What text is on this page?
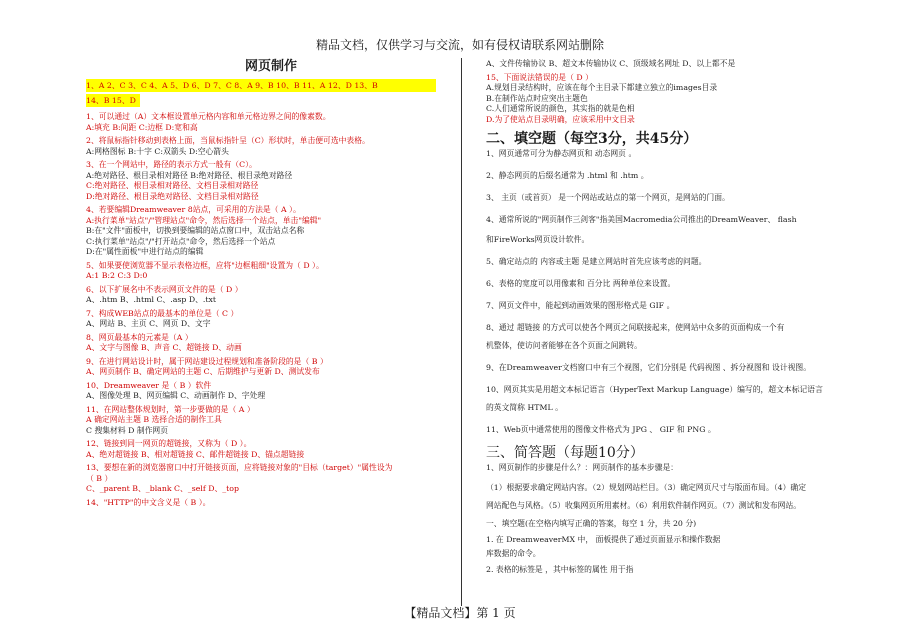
精品文档，仅供学习与交流，如有侵权请联系网站删除
网页制作
1、A 2、C 3、C 4、A 5、D 6、D 7、C 8、A 9、B 10、B 11、A 12、D 13、B
14、B 15、D
1、可以通过（A）文本框设置单元格内容和单元格边界之间的像素数。
A:填充 B:间距 C:边框 D:宽和高
2、将鼠标指针移动到表格上面，当鼠标指针呈（C）形状时，单击便可选中表格。
A:网格图标 B:十字 C:双箭头 D:空心箭头
3、在一个网站中，路径的表示方式一般有（C）。
A:绝对路径、根目录相对路径 B:绝对路径、根目录绝对路径
C:绝对路径、根目录相对路径、文档目录相对路径
D:绝对路径、根目录绝对路径、文档目录相对路径
4、若要编辑Dreamweaver 8站点，可采用的方法是（ A ）。
A:执行菜单"站点"/"管理站点"命令，然后选择一个站点，单击"编辑"
B:在"文件"面板中，切换到要编辑的站点窗口中，双击站点名称
C:执行菜单"站点"/"打开站点"命令，然后选择一个站点
D:在"属性面板"中进行站点的编辑
5、如果要使浏览器不显示表格边框，应将"边框粗细"设置为（ D ）。
A:1 B:2 C:3 D:0
6、以下扩展名中不表示网页文件的是（ D ）
A、.htm B、.html C、.asp D、.txt
7、构成WEB站点的最基本的单位是（ C ）
A、网站 B、主页 C、网页 D、文字
8、网页最基本的元素是（A ）
A、文字与图像 B、声音 C、超链接 D、动画
9、在进行网站设计时，属于网站建设过程规划和准备阶段的是（ B ）
A、网页制作 B、确定网站的主题 C、后期维护与更新 D、测试发布
10、Dreamweaver 是（ B ）软件
A、图像处理 B、网页编辑 C、动画制作 D、字处理
11、在网站整体规划时，第一步要做的是（ A ）
A 确定网站主题 B 选择合适的制作工具
C 搜集材料 D 制作网页
12、链接到同一网页的超链接，又称为（ D ）。
A、绝对超链接 B、相对超链接 C、邮件超链接 D、锚点超链接
13、要想在新的浏览器窗口中打开链接页面，应将链接对象的"目标（target）"属性设为
（ B ）
C、_parent B、_blank C、_self D、_top
14、"HTTP"的中文含义是（ B ）。
A、文件传输协议 B、超文本传输协议 C、顶级域名网址 D、以上都不是
15、下面说法错误的是（ D ）
A.规划目录结构时，应该在每个主目录下都建立独立的images目录
B.在制作站点时应突出主题色
C.人们通常所说的颜色，其实指的就是色相
D.为了使站点目录明确，应该采用中文目录
二、填空题（每空3分，共45分）
1、网页通常可分为静态网页和 动态网页 。
2、静态网页的后缀名通常为 .html 和 .htm 。
3、 主页（或首页） 是一个网站或站点的第一个网页，是网站的门面。
4、通常所说的"网页制作三剑客"指美国Macromedia公司推出的DreamWeaver、 flash
和FireWorks网页设计软件。
5、确定站点的 内容或主题 是建立网站时首先应该考虑的问题。
6、表格的宽度可以用像素和 百分比 两种单位来设置。
7、网页文件中，能起到动画效果的图形格式是 GIF 。
8、通过 超链接 的方式可以使各个网页之间联接起来，使网站中众多的页面构成一个有
机整体，使访问者能够在各个页面之间跳转。
9、在Dreamweaver文档窗口中有三个视图，它们分别是 代码视图 、拆分视图和 设计视图。
10、网页其实是用超文本标记语言（HyperText Markup Language）编写的，超文本标记语言
的英文简称 HTML 。
11、Web页中通常使用的图像文件格式为 JPG 、 GIF 和 PNG 。
三、简答题（每题10分）
1、网页制作的步骤是什么？：网页制作的基本步骤是：
（1）根据要求确定网站内容。（2）规划网站栏目。（3）确定网页尺寸与版面布局。（4）确定
网站配色与风格。（5）收集网页所用素材。（6）利用软件制作网页。（7）测试和发布网站。
一、填空题(在空格内填写正确的答案，每空 1 分，共 20 分)
1. 在 DreamweaverMX 中， 面板提供了通过页面显示和操作数据
库数据的命令。
2. 表格的标签是 ，其中标签的属性 用于指
【精品文档】第 1 页
